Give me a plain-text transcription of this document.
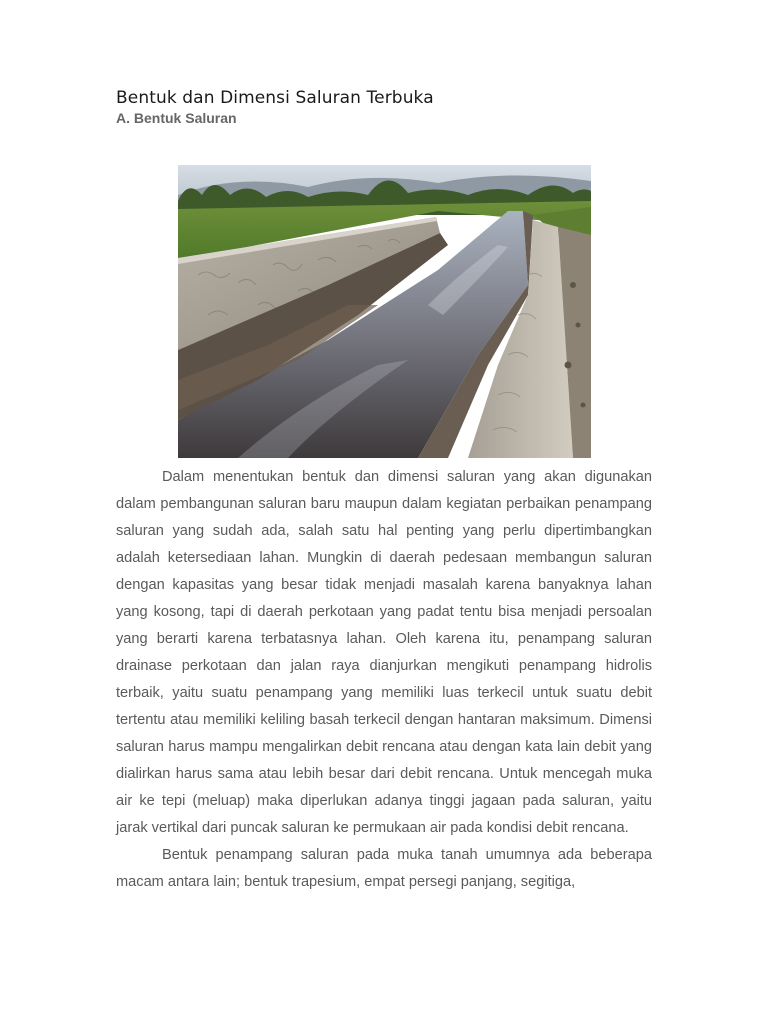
Bentuk dan Dimensi Saluran Terbuka
A. Bentuk Saluran

Dalam menentukan bentuk dan dimensi saluran yang akan digunakan dalam pembangunan saluran baru maupun dalam kegiatan perbaikan penampang saluran yang sudah ada, salah satu hal penting yang perlu dipertimbangkan adalah ketersediaan lahan. Mungkin di daerah pedesaan membangun saluran dengan kapasitas yang besar tidak menjadi masalah karena banyaknya lahan yang kosong, tapi di daerah perkotaan yang padat tentu bisa menjadi persoalan yang berarti karena terbatasnya lahan. Oleh karena itu, penampang saluran drainase perkotaan dan jalan raya dianjurkan mengikuti penampang hidrolis terbaik, yaitu suatu penampang yang memiliki luas terkecil untuk suatu debit tertentu atau memiliki keliling basah terkecil dengan hantaran maksimum. Dimensi saluran harus mampu mengalirkan debit rencana atau dengan kata lain debit yang dialirkan harus sama atau lebih besar dari debit rencana. Untuk mencegah muka air ke tepi (meluap) maka diperlukan adanya tinggi jagaan pada saluran, yaitu jarak vertikal dari puncak saluran ke permukaan air pada kondisi debit rencana.

Bentuk penampang saluran pada muka tanah umumnya ada beberapa macam antara lain; bentuk trapesium, empat persegi panjang, segitiga,
